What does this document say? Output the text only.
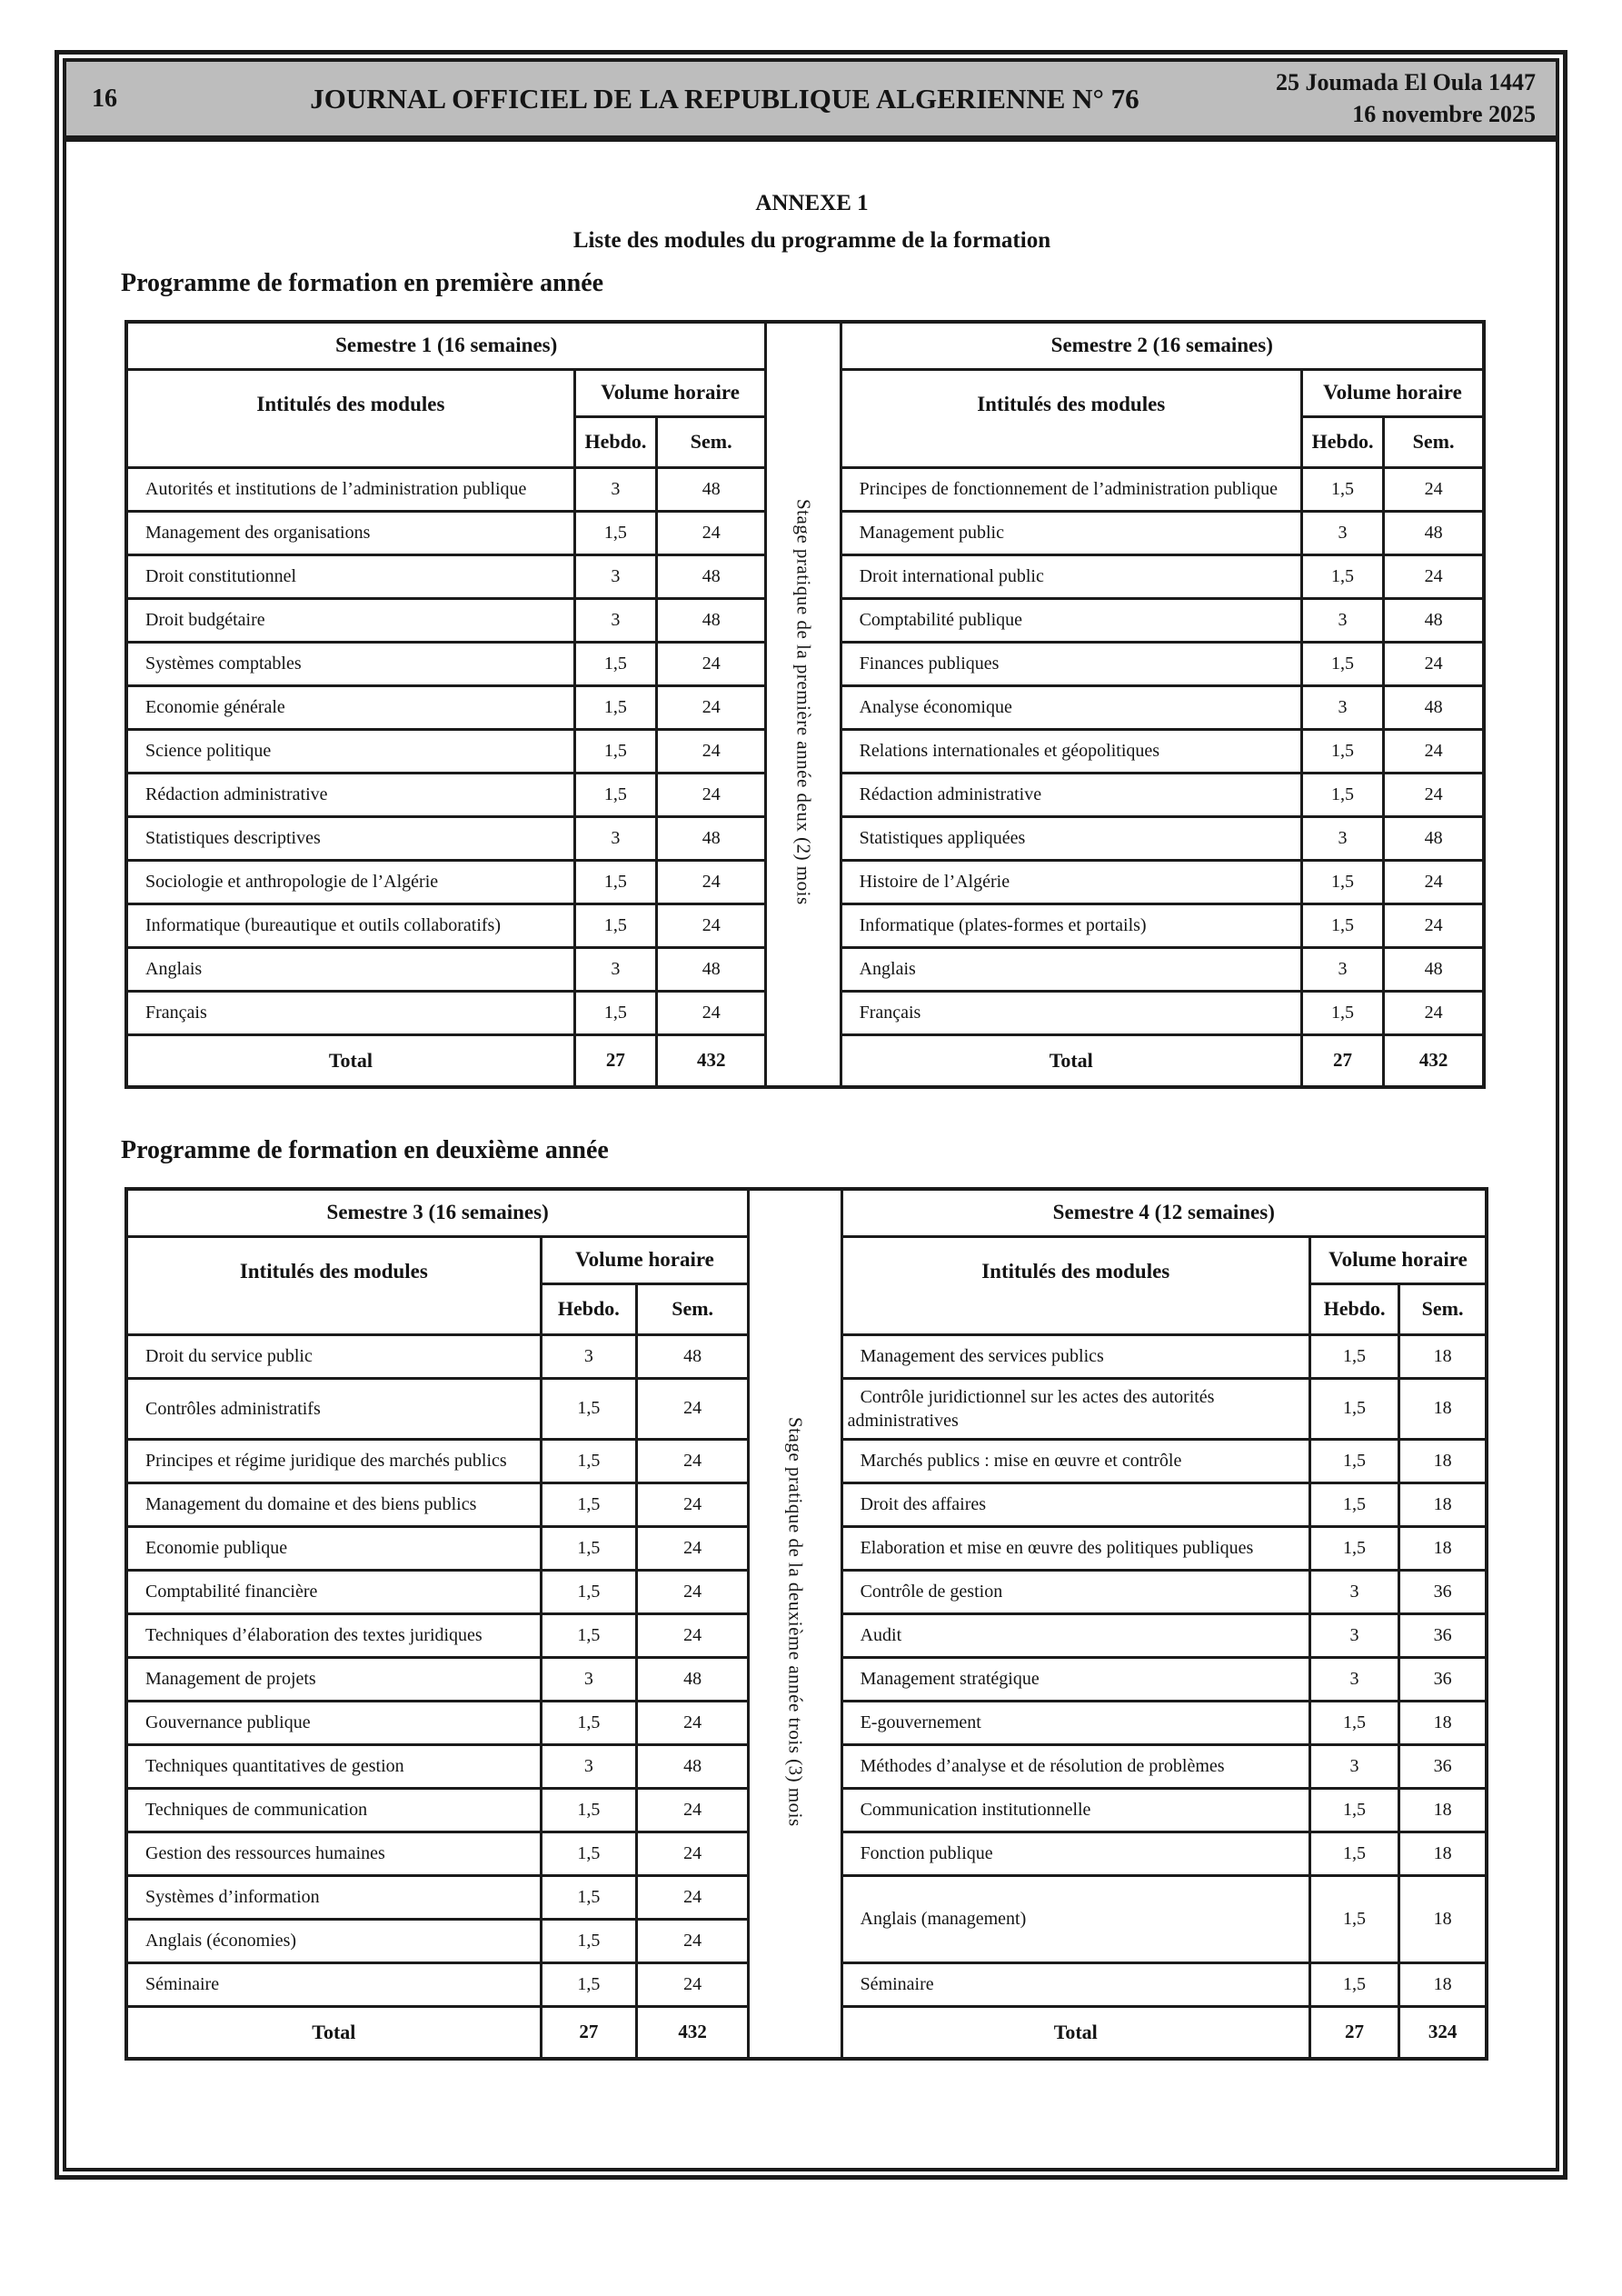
16	JOURNAL OFFICIEL DE LA REPUBLIQUE ALGERIENNE N° 76	25 Joumada El Oula 1447
16 novembre 2025
ANNEXE 1
Liste des modules du programme de la formation
Programme de formation en première année
Semestre 1 (16 semaines)			Stage pratique de la première année deux (2) mois	Semestre 2 (16 semaines)		
Intitulés des modules	Volume horaire			Intitulés des modules	Volume horaire	
	Hebdo.	Sem.			Hebdo.	Sem.
Autorités et institutions de l’administration publique	3	48		Principes de fonctionnement de l’administration publique	1,5	24
Management des organisations	1,5	24		Management public	3	48
Droit constitutionnel	3	48		Droit international public	1,5	24
Droit budgétaire	3	48		Comptabilité publique	3	48
Systèmes comptables	1,5	24		Finances publiques	1,5	24
Economie générale	1,5	24		Analyse économique	3	48
Science politique	1,5	24		Relations internationales et géopolitiques	1,5	24
Rédaction administrative	1,5	24		Rédaction administrative	1,5	24
Statistiques descriptives	3	48		Statistiques appliquées	3	48
Sociologie et anthropologie de l’Algérie	1,5	24		Histoire de l’Algérie	1,5	24
Informatique (bureautique et outils collaboratifs)	1,5	24		Informatique (plates-formes et portails)	1,5	24
Anglais	3	48		Anglais	3	48
Français	1,5	24		Français	1,5	24
Total	27	432		Total	27	432
Programme de formation en deuxième année
Semestre 3 (16 semaines)			Stage pratique de la deuxième année trois (3) mois	Semestre 4 (12 semaines)		
Intitulés des modules	Volume horaire			Intitulés des modules	Volume horaire	
	Hebdo.	Sem.			Hebdo.	Sem.
Droit du service public	3	48		Management des services publics	1,5	18
Contrôles administratifs	1,5	24		Contrôle juridictionnel sur les actes des autorités administratives	1,5	18
Principes et régime juridique des marchés publics	1,5	24		Marchés publics : mise en œuvre et contrôle	1,5	18
Management du domaine et des biens publics	1,5	24		Droit des affaires	1,5	18
Economie publique	1,5	24		Elaboration et mise en œuvre des politiques publiques	1,5	18
Comptabilité financière	1,5	24		Contrôle de gestion	3	36
Techniques d’élaboration des textes juridiques	1,5	24		Audit	3	36
Management de projets	3	48		Management stratégique	3	36
Gouvernance publique	1,5	24		E-gouvernement	1,5	18
Techniques quantitatives de gestion	3	48		Méthodes d’analyse et de résolution de problèmes	3	36
Techniques de communication	1,5	24		Communication institutionnelle	1,5	18
Gestion des ressources humaines	1,5	24		Fonction publique	1,5	18
Systèmes d’information	1,5	24		Anglais (management)	1,5	18
Anglais (économies)	1,5	24				
Séminaire	1,5	24		Séminaire	1,5	18
Total	27	432		Total	27	324
